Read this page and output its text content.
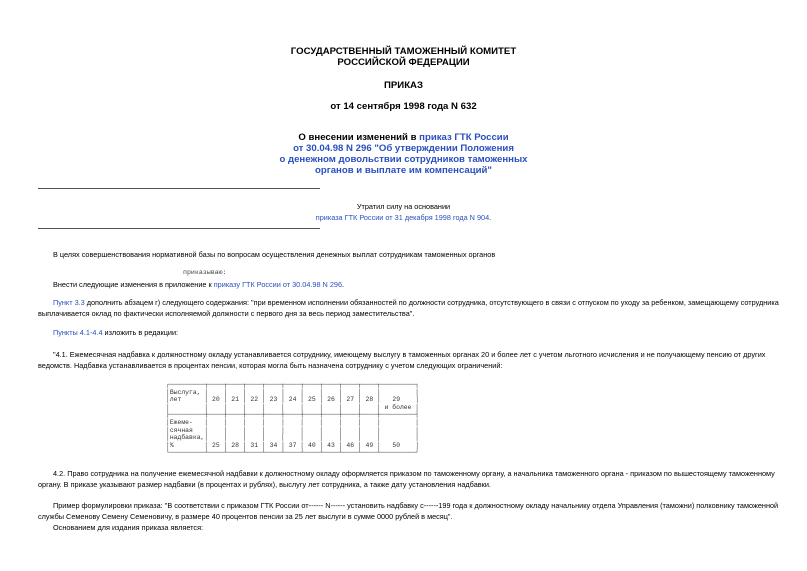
ГОСУДАРСТВЕННЫЙ ТАМОЖЕННЫЙ КОМИТЕТ
РОССИЙСКОЙ ФЕДЕРАЦИИ
ПРИКАЗ
от 14 сентября 1998 года N 632
О внесении изменений в приказ ГТК России
от 30.04.98 N 296 "Об утверждении Положения
о денежном довольствии сотрудников таможенных
органов и выплате им компенсаций"
Утратил силу на основании
приказа ГТК России от 31 декабря 1998 года N 904.
В целях совершенствования нормативной базы по вопросам осуществления денежных выплат сотрудникам таможенных органов
приказываю:
Внести следующие изменения в приложение к приказу ГТК России от 30.04.98 N 296.
Пункт 3.3 дополнить абзацем г) следующего содержания: "при временном исполнении обязанностей по должности сотрудника, отсутствующего в связи с отпуском по уходу за ребенком, замещающему сотрудника
выплачивается оклад по фактически исполняемой должности с первого дня за весь период заместительства".
Пункты 4.1-4.4 изложить в редакции:
"4.1. Ежемесячная надбавка к должностному окладу устанавливается сотруднику, имеющему выслугу в таможенных органах 20 и более лет с учетом льготного исчисления и не получающему пенсию от других
ведомств. Надбавка устанавливается в процентах пенсии, которая могла быть назначена сотруднику с учетом следующих ограничений:
┌─────────┬────┬────┬────┬────┬────┬────┬────┬────┬────┬─────────┐
│Выслуга, │    │    │    │    │    │    │    │    │    │         │
│лет      │ 20 │ 21 │ 22 │ 23 │ 24 │ 25 │ 26 │ 27 │ 28 │   29    │
│         │    │    │    │    │    │    │    │    │    │ и более │
├─────────┼────┼────┼────┼────┼────┼────┼────┼────┼────┼─────────┤
│Ежеме-   │    │    │    │    │    │    │    │    │    │         │
│сячная   │    │    │    │    │    │    │    │    │    │         │
│надбавка,│    │    │    │    │    │    │    │    │    │         │
│%        │ 25 │ 28 │ 31 │ 34 │ 37 │ 40 │ 43 │ 46 │ 49 │   50    │
└─────────┴────┴────┴────┴────┴────┴────┴────┴────┴────┴─────────┘
4.2. Право сотрудника на получение ежемесячной надбавки к должностному окладу оформляется приказом по таможенному органу, а начальника таможенного органа - приказом по вышестоящему таможенному
органу. В приказе указывают размер надбавки (в процентах и рублях), выслугу лет сотрудника, а также дату установления надбавки.
Пример формулировки приказа: "В соответствии с приказом ГТК России от------ N------ установить надбавку с------199 года к должностному окладу начальнику отдела Управления (таможни) полковнику таможенной
службы Семенову Семену Семеновичу, в размере 40 процентов пенсии за 25 лет выслуги в сумме 0000 рублей в месяц".
Основанием для издания приказа является:
